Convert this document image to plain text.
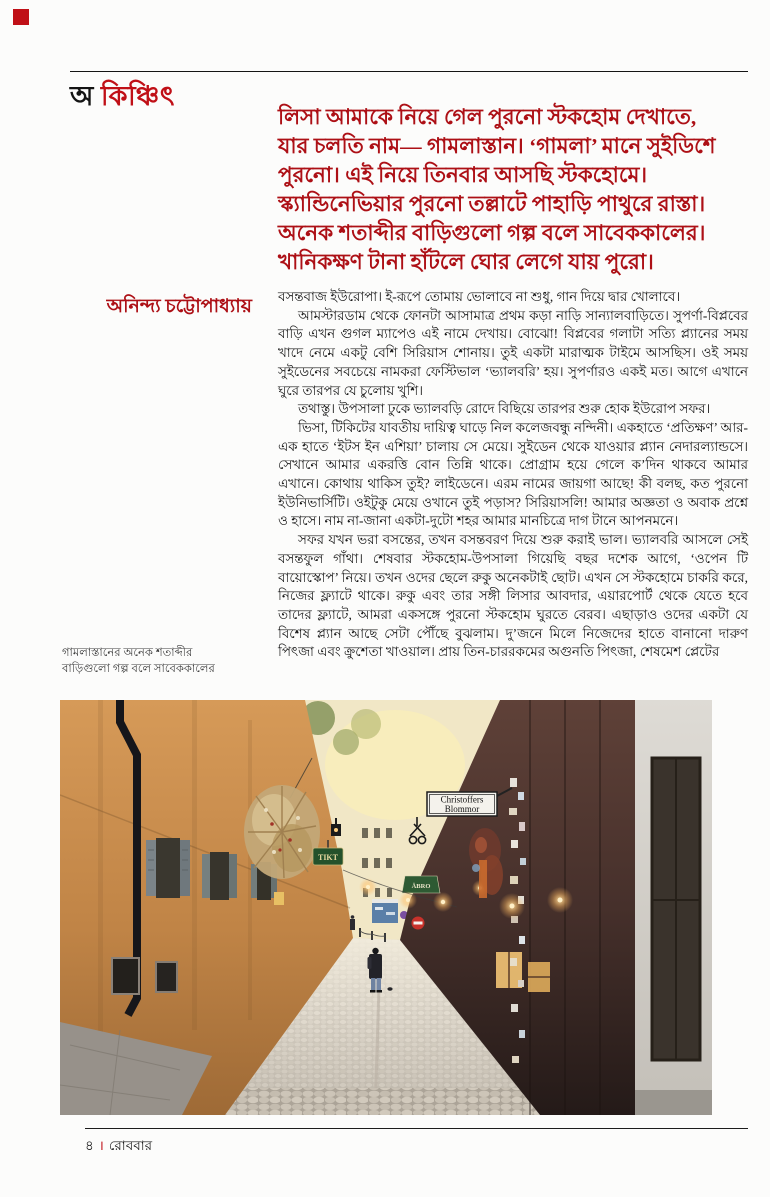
অ কিঞ্চিৎ
লিসা আমাকে নিয়ে গেল পুরনো স্টকহোম দেখাতে,
যার চলতি নাম— গামলাস্তান। ‘গামলা’ মানে সুইডিশে
পুরনো। এই নিয়ে তিনবার আসছি স্টকহোমে।
স্ক্যান্ডিনেভিয়ার পুরনো তল্লাটে পাহাড়ি পাথুরে রাস্তা।
অনেক শতাব্দীর বাড়িগুলো গল্প বলে সাবেককালের।
খানিকক্ষণ টানা হাঁটলে ঘোর লেগে যায় পুরো।
অনিন্দ্য চট্টোপাধ্যায় বসন্তবাজ ইউরোপা। ই-রূপে তোমায় ভোলাবে না শুধু, গান দিয়ে দ্বার খোলাবে।

আমস্টারডাম থেকে ফোনটা আসামাত্র প্রথম কড়া নাড়ি সান্যালবাড়িতে। সুপর্ণা-বিপ্লবের বাড়ি এখন গুগল ম্যাপেও এই নামে দেখায়। বোঝো! বিপ্লবের গলাটা সত্যি প্ল্যানের সময় খাদে নেমে একটু বেশি সিরিয়াস শোনায়। তুই একটা মারাত্মক টাইমে আসছিস। ওই সময় সুইডেনের সবচেয়ে নামকরা ফেস্টিভাল ‘ভ্যালবরি’ হয়। সুপর্ণারও একই মত। আগে এখানে ঘুরে তারপর যে চুলোয় খুশি।

তথাস্তু। উপসালা ঢুকে ভ্যালবড়ি রোদে বিছিয়ে তারপর শুরু হোক ইউরোপ সফর।

ভিসা, টিকিটের যাবতীয় দায়িত্ব ঘাড়ে নিল কলেজবন্ধু নন্দিনী। একহাতে ‘প্রতিক্ষণ’ আর-এক হাতে ‘ইটস ইন এশিয়া’ চালায় সে মেয়ে। সুইডেন থেকে যাওয়ার প্ল্যান নেদারল্যান্ডসে। সেখানে আমার একরত্তি বোন তিন্নি থাকে। প্রোগ্রাম হয়ে গেলে ক’দিন থাকবে আমার এখানে। কোথায় থাকিস তুই? লাইডেনে। এরম নামের জায়গা আছে! কী বলছ, কত পুরনো ইউনিভার্সিটি। ওইটুকু মেয়ে ওখানে তুই পড়াস? সিরিয়াসলি! আমার অজ্ঞতা ও অবাক প্রশ্নে ও হাসে। নাম না-জানা একটা-দুটো শহর আমার মানচিত্রে দাগ টানে আপনমনে।

সফর যখন ভরা বসন্তের, তখন বসন্তবরণ দিয়ে শুরু করাই ভাল। ভ্যালবরি আসলে সেই বসন্তফুল গাঁথা। শেষবার স্টকহোম-উপসালা গিয়েছি বছর দশেক আগে, ‘ওপেন টি বায়োস্কোপ’ নিয়ে। তখন ওদের ছেলে রুকু অনেকটাই ছোট। এখন সে স্টকহোমে চাকরি করে, নিজের ফ্ল্যাটে থাকে। রুকু এবং তার সঙ্গী লিসার আবদার, এয়ারপোর্ট থেকে যেতে হবে তাদের ফ্ল্যাটে, আমরা একসঙ্গে পুরনো স্টকহোম ঘুরতে বেরব। এছাড়াও ওদের একটা যে বিশেষ প্ল্যান আছে সেটা পৌঁছে বুঝলাম। দু’জনে মিলে নিজেদের হাতে বানানো দারুণ পিৎজা এবং ক্রুশেতা খাওয়াল। প্রায় তিন-চাররকমের অগুনতি পিৎজা, শেষমেশ প্লেটের

গামলাস্তানের অনেক শতাব্দীর
বাড়িগুলো গল্প বলে সাবেককালের
TIKT
ÅBRO
Christoffers
Blommor
৪ । রোববার
